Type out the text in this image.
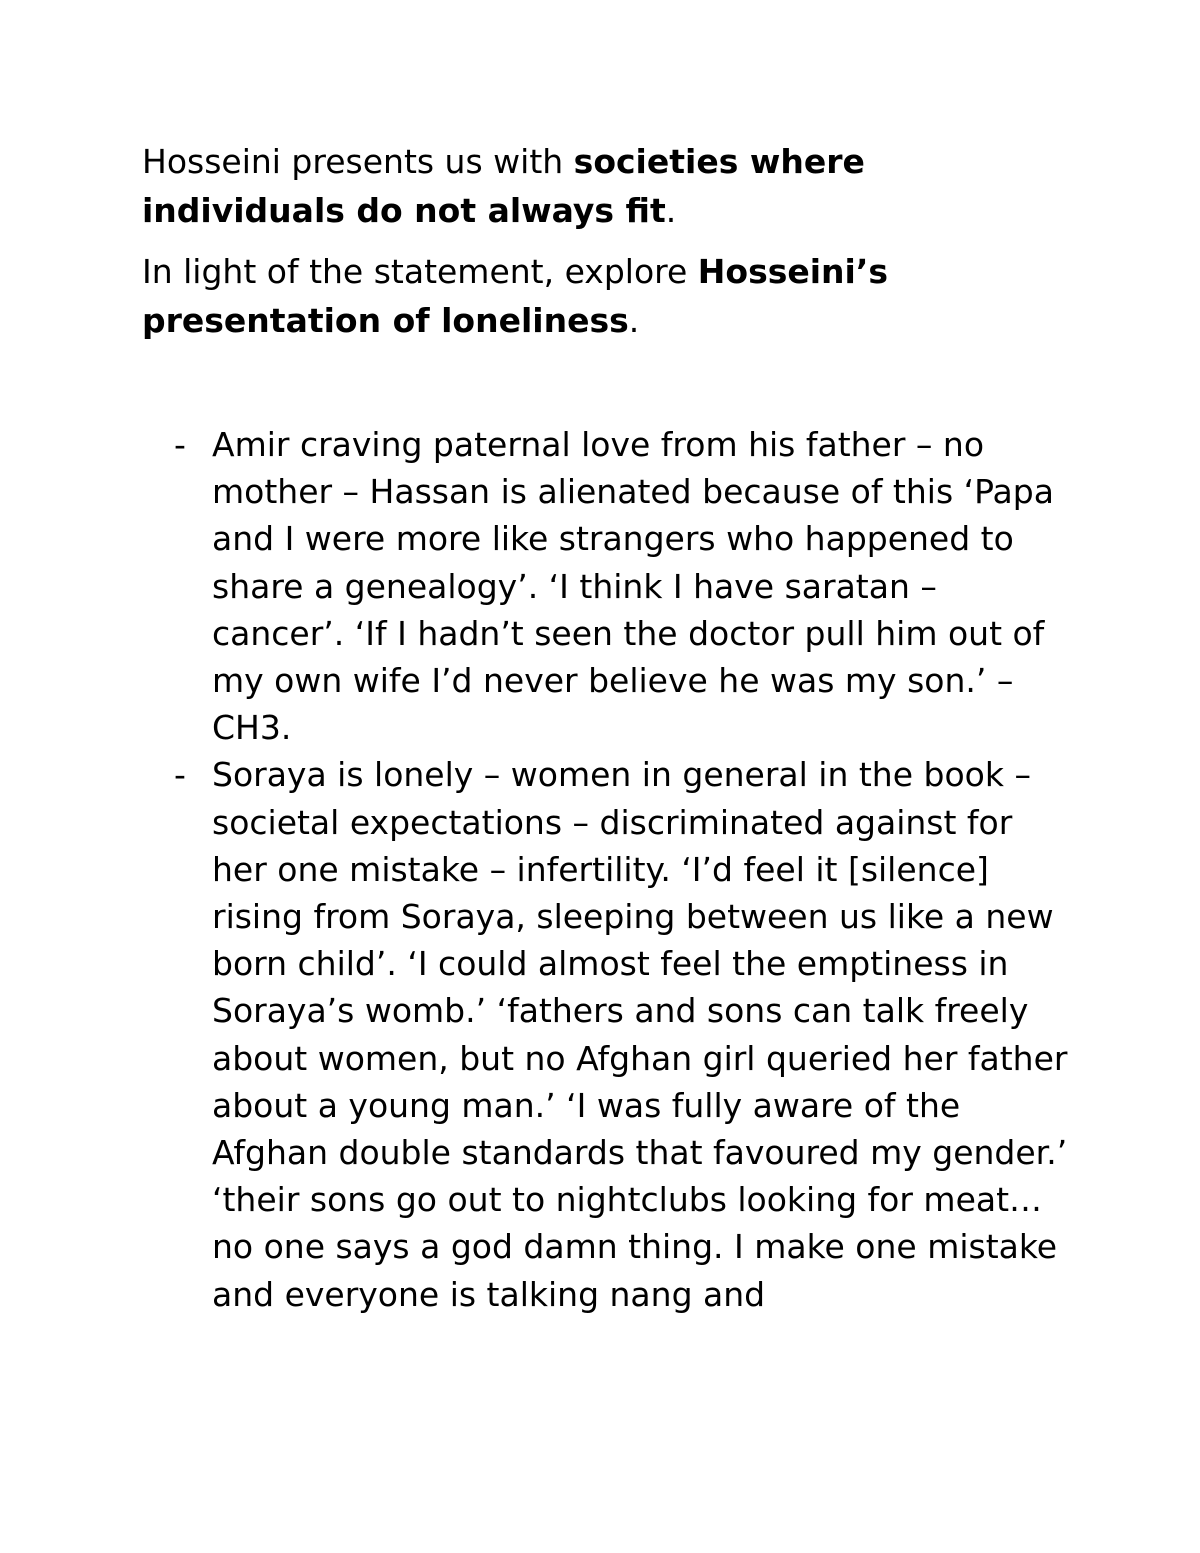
Hosseini presents us with societies where individuals do not always fit.

In light of the statement, explore Hosseini’s presentation of loneliness.

- Amir craving paternal love from his father – no mother – Hassan is alienated because of this ‘Papa and I were more like strangers who happened to share a genealogy’. ‘I think I have saratan – cancer’. ‘If I hadn’t seen the doctor pull him out of my own wife I’d never believe he was my son.’ – CH3.
- Soraya is lonely – women in general in the book – societal expectations – discriminated against for her one mistake – infertility. ‘I’d feel it [silence] rising from Soraya, sleeping between us like a new born child’. ‘I could almost feel the emptiness in Soraya’s womb.’ ‘fathers and sons can talk freely about women, but no Afghan girl queried her father about a young man.’ ‘I was fully aware of the Afghan double standards that favoured my gender.’ ‘their sons go out to nightclubs looking for meat… no one says a god damn thing. I make one mistake and everyone is talking nang and
